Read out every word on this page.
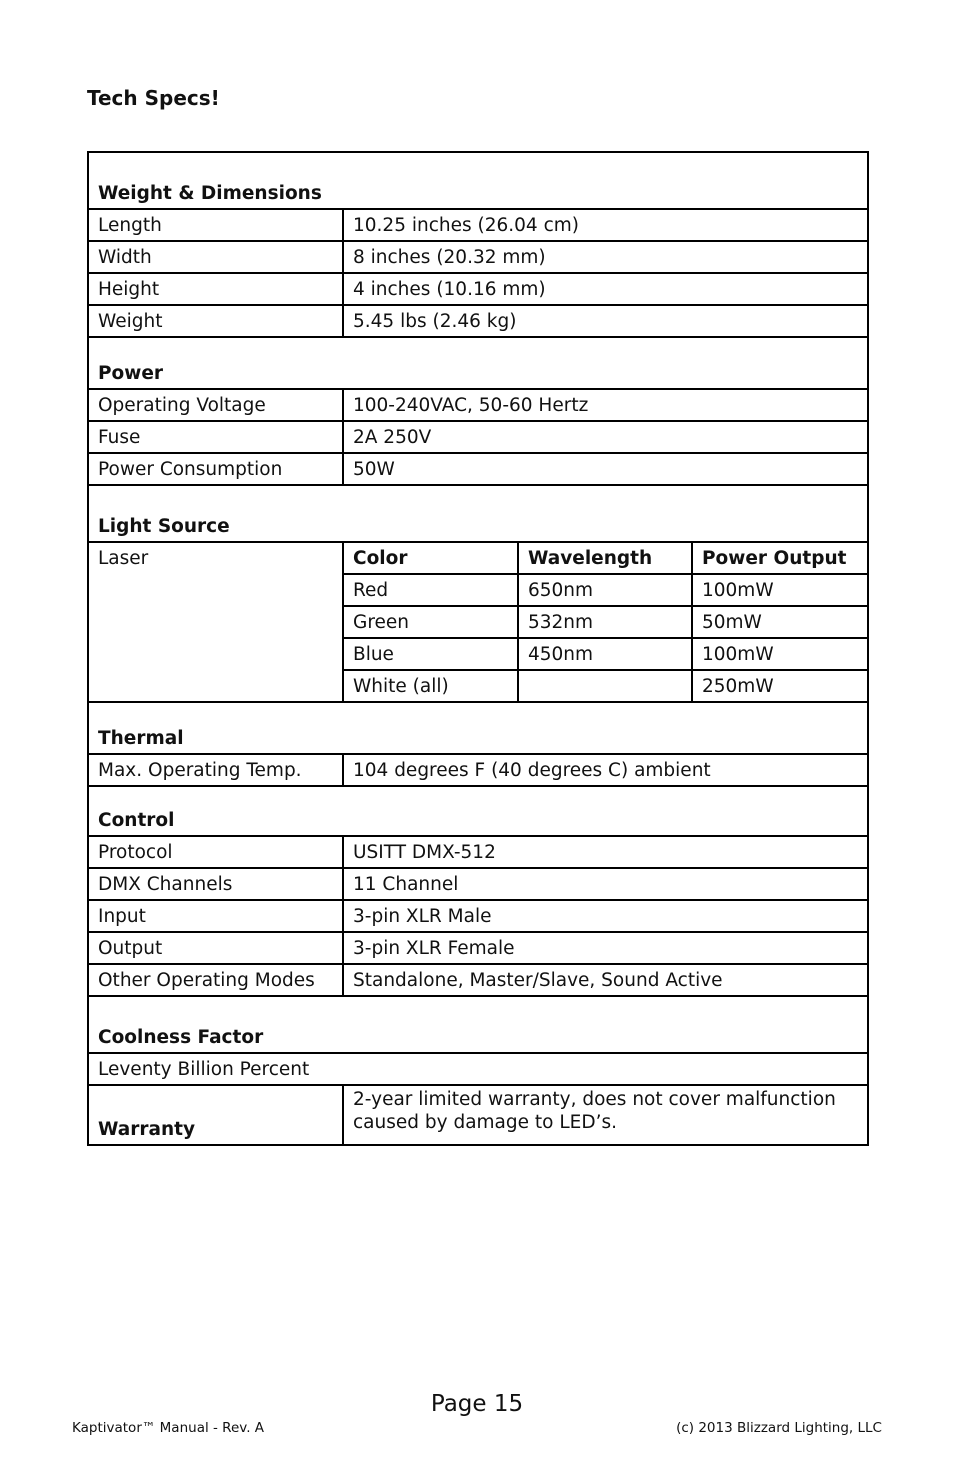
Tech Specs!
Weight & Dimensions			
Length	10.25 inches (26.04 cm)		
Width	8 inches (20.32 mm)		
Height	4 inches (10.16 mm)		
Weight	5.45 lbs (2.46 kg)		
Power			
Operating Voltage	100-240VAC, 50-60 Hertz		
Fuse	2A 250V		
Power Consumption	50W		
Light Source			
Laser	Color	Wavelength	Power Output
	Red	650nm	100mW
	Green	532nm	50mW
	Blue	450nm	100mW
	White (all)		250mW
Thermal			
Max. Operating Temp.	104 degrees F (40 degrees C) ambient		
Control			
Protocol	USITT DMX-512		
DMX Channels	11 Channel		
Input	3-pin XLR Male		
Output	3-pin XLR Female		
Other Operating Modes	Standalone, Master/Slave, Sound Active		
Coolness Factor			
Leventy Billion Percent			
Warranty	2-year limited warranty, does not cover malfunction caused by damage to LED’s.		
Page 15
Kaptivator™ Manual - Rev. A	(c) 2013 Blizzard Lighting, LLC
